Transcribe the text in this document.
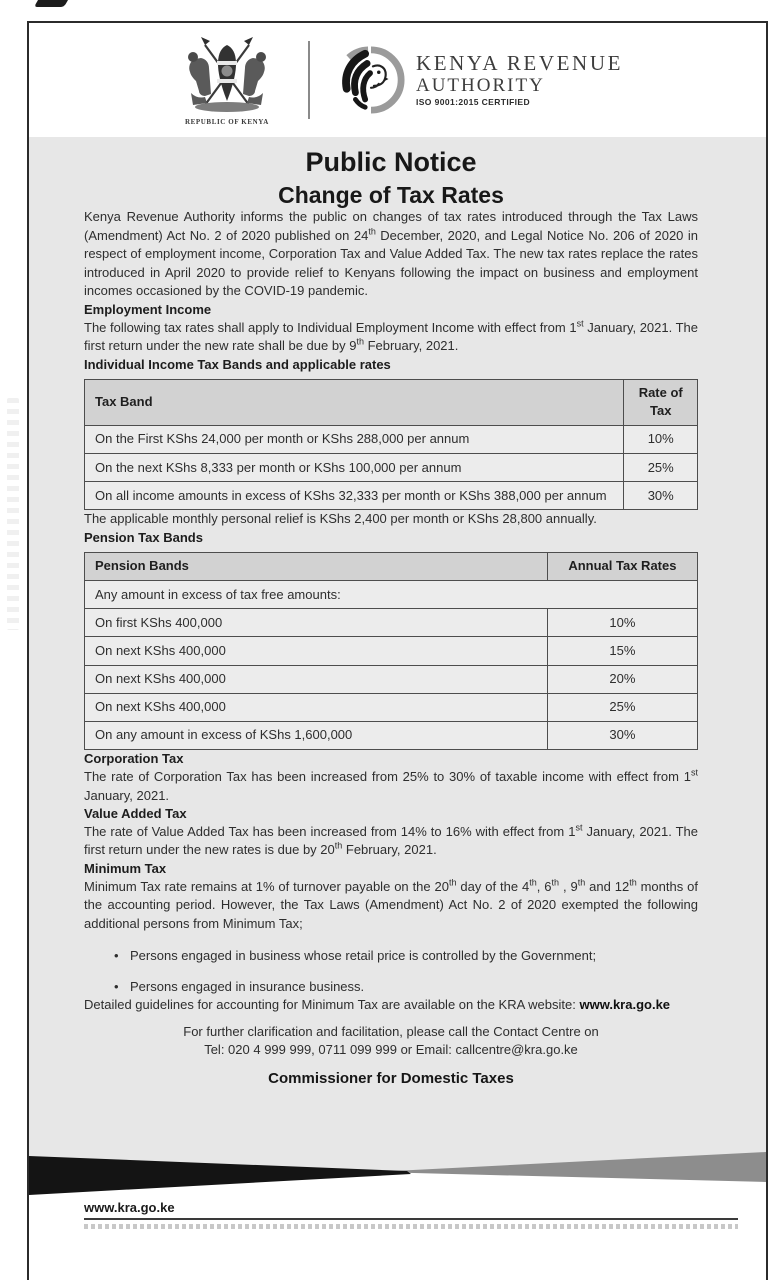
REPUBLIC OF KENYA
KENYA REVENUE
AUTHORITY
ISO 9001:2015 CERTIFIED
Public Notice
Change of Tax Rates

Kenya Revenue Authority informs the public on changes of tax rates introduced through the Tax Laws (Amendment) Act No. 2 of 2020 published on 24th December, 2020, and Legal Notice No. 206 of 2020 in respect of employment income, Corporation Tax and Value Added Tax. The new tax rates replace the rates introduced in April 2020 to provide relief to Kenyans following the impact on business and employment incomes occasioned by the COVID-19 pandemic.

Employment Income

The following tax rates shall apply to Individual Employment Income with effect from 1st January, 2021. The first return under the new rate shall be due by 9th February, 2021.

Individual Income Tax Bands and applicable rates
Tax Band	Rate of Tax
On the First KShs 24,000 per month or KShs 288,000 per annum	10%
On the next KShs 8,333 per month or KShs 100,000 per annum	25%
On all income amounts in excess of KShs 32,333 per month or KShs 388,000 per annum	30%

The applicable monthly personal relief is KShs 2,400 per month or KShs 28,800 annually.

Pension Tax Bands
Pension Bands	Annual Tax Rates
Any amount in excess of tax free amounts:	
On first KShs 400,000	10%
On next KShs 400,000	15%
On next KShs 400,000	20%
On next KShs 400,000	25%
On any amount in excess of KShs 1,600,000	30%
Corporation Tax

The rate of Corporation Tax has been increased from 25% to 30% of taxable income with effect from 1st January, 2021.

Value Added Tax

The rate of Value Added Tax has been increased from 14% to 16% with effect from 1st January, 2021. The first return under the new rates is due by 20th February, 2021.

Minimum Tax

Minimum Tax rate remains at 1% of turnover payable on the 20th day of the 4th, 6th , 9th and 12th months of the accounting period. However, the Tax Laws (Amendment) Act No. 2 of 2020 exempted the following additional persons from Minimum Tax;

• Persons engaged in business whose retail price is controlled by the Government;
• Persons engaged in insurance business.

Detailed guidelines for accounting for Minimum Tax are available on the KRA website: www.kra.go.ke

For further clarification and facilitation, please call the Contact Centre on
Tel: 020 4 999 999, 0711 099 999 or Email: callcentre@kra.go.ke
Commissioner for Domestic Taxes
www.kra.go.ke
